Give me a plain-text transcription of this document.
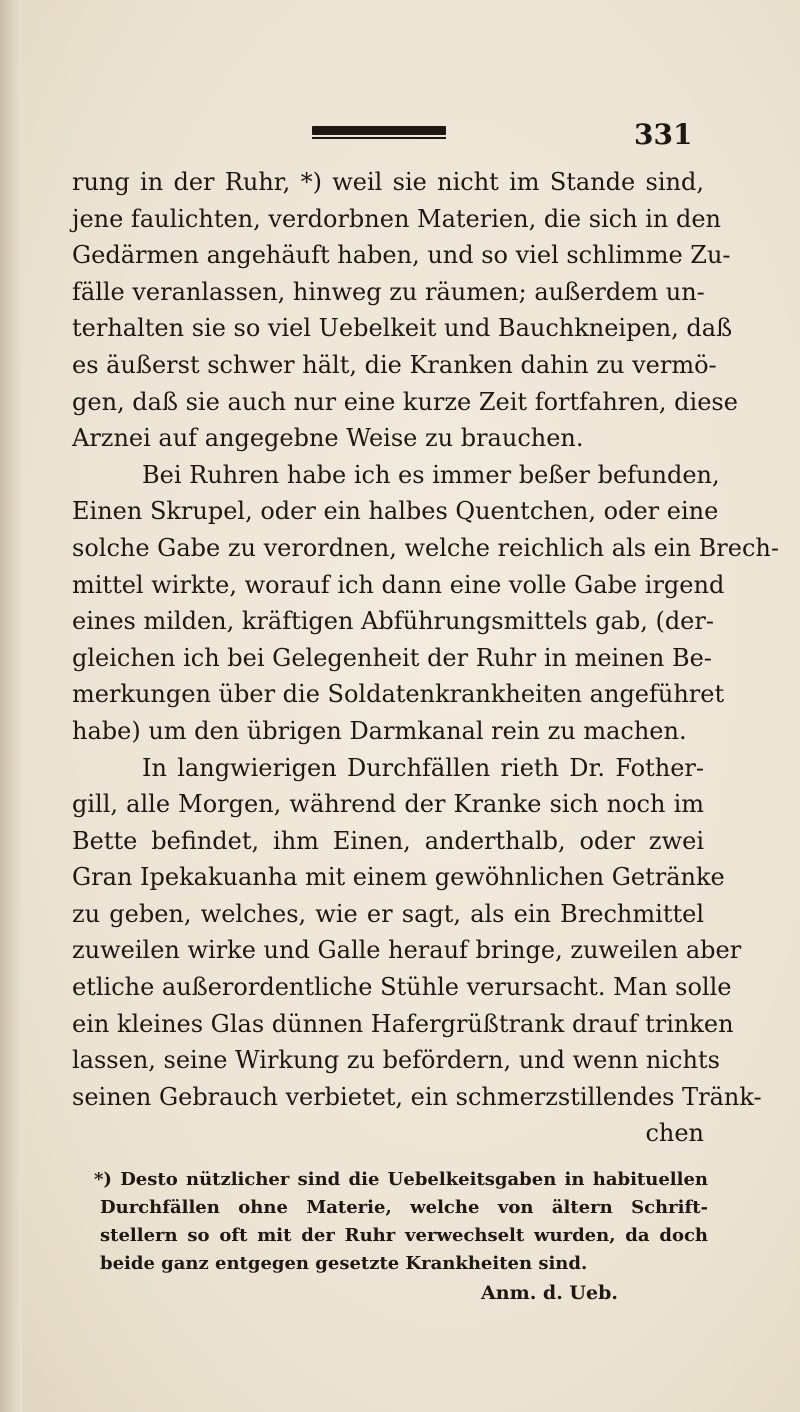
331
rung in der Ruhr, *) weil sie nicht im Stande sind,
jene faulichten, verdorbnen Materien, die sich in den
Gedärmen angehäuft haben, und so viel schlimme Zu-
fälle veranlassen, hinweg zu räumen; außerdem un-
terhalten sie so viel Uebelkeit und Bauchkneipen, daß
es äußerst schwer hält, die Kranken dahin zu vermö-
gen, daß sie auch nur eine kurze Zeit fortfahren, diese
Arznei auf angegebne Weise zu brauchen.
Bei Ruhren habe ich es immer beßer befunden,
Einen Skrupel, oder ein halbes Quentchen, oder eine
solche Gabe zu verordnen, welche reichlich als ein Brech-
mittel wirkte, worauf ich dann eine volle Gabe irgend
eines milden, kräftigen Abführungsmittels gab, (der-
gleichen ich bei Gelegenheit der Ruhr in meinen Be-
merkungen über die Soldatenkrankheiten angeführet
habe) um den übrigen Darmkanal rein zu machen.
In langwierigen Durchfällen rieth Dr. Fother-
gill, alle Morgen, während der Kranke sich noch im
Bette befindet, ihm Einen, anderthalb, oder zwei
Gran Ipekakuanha mit einem gewöhnlichen Getränke
zu geben, welches, wie er sagt, als ein Brechmittel
zuweilen wirke und Galle herauf bringe, zuweilen aber
etliche außerordentliche Stühle verursacht. Man solle
ein kleines Glas dünnen Hafergrüßtrank drauf trinken
lassen, seine Wirkung zu befördern, und wenn nichts
seinen Gebrauch verbietet, ein schmerzstillendes Tränk-
chen
*) Desto nützlicher sind die Uebelkeitsgaben in habituellen
Durchfällen ohne Materie, welche von ältern Schrift-
stellern so oft mit der Ruhr verwechselt wurden, da doch
beide ganz entgegen gesetzte Krankheiten sind.
Anm. d. Ueb.
